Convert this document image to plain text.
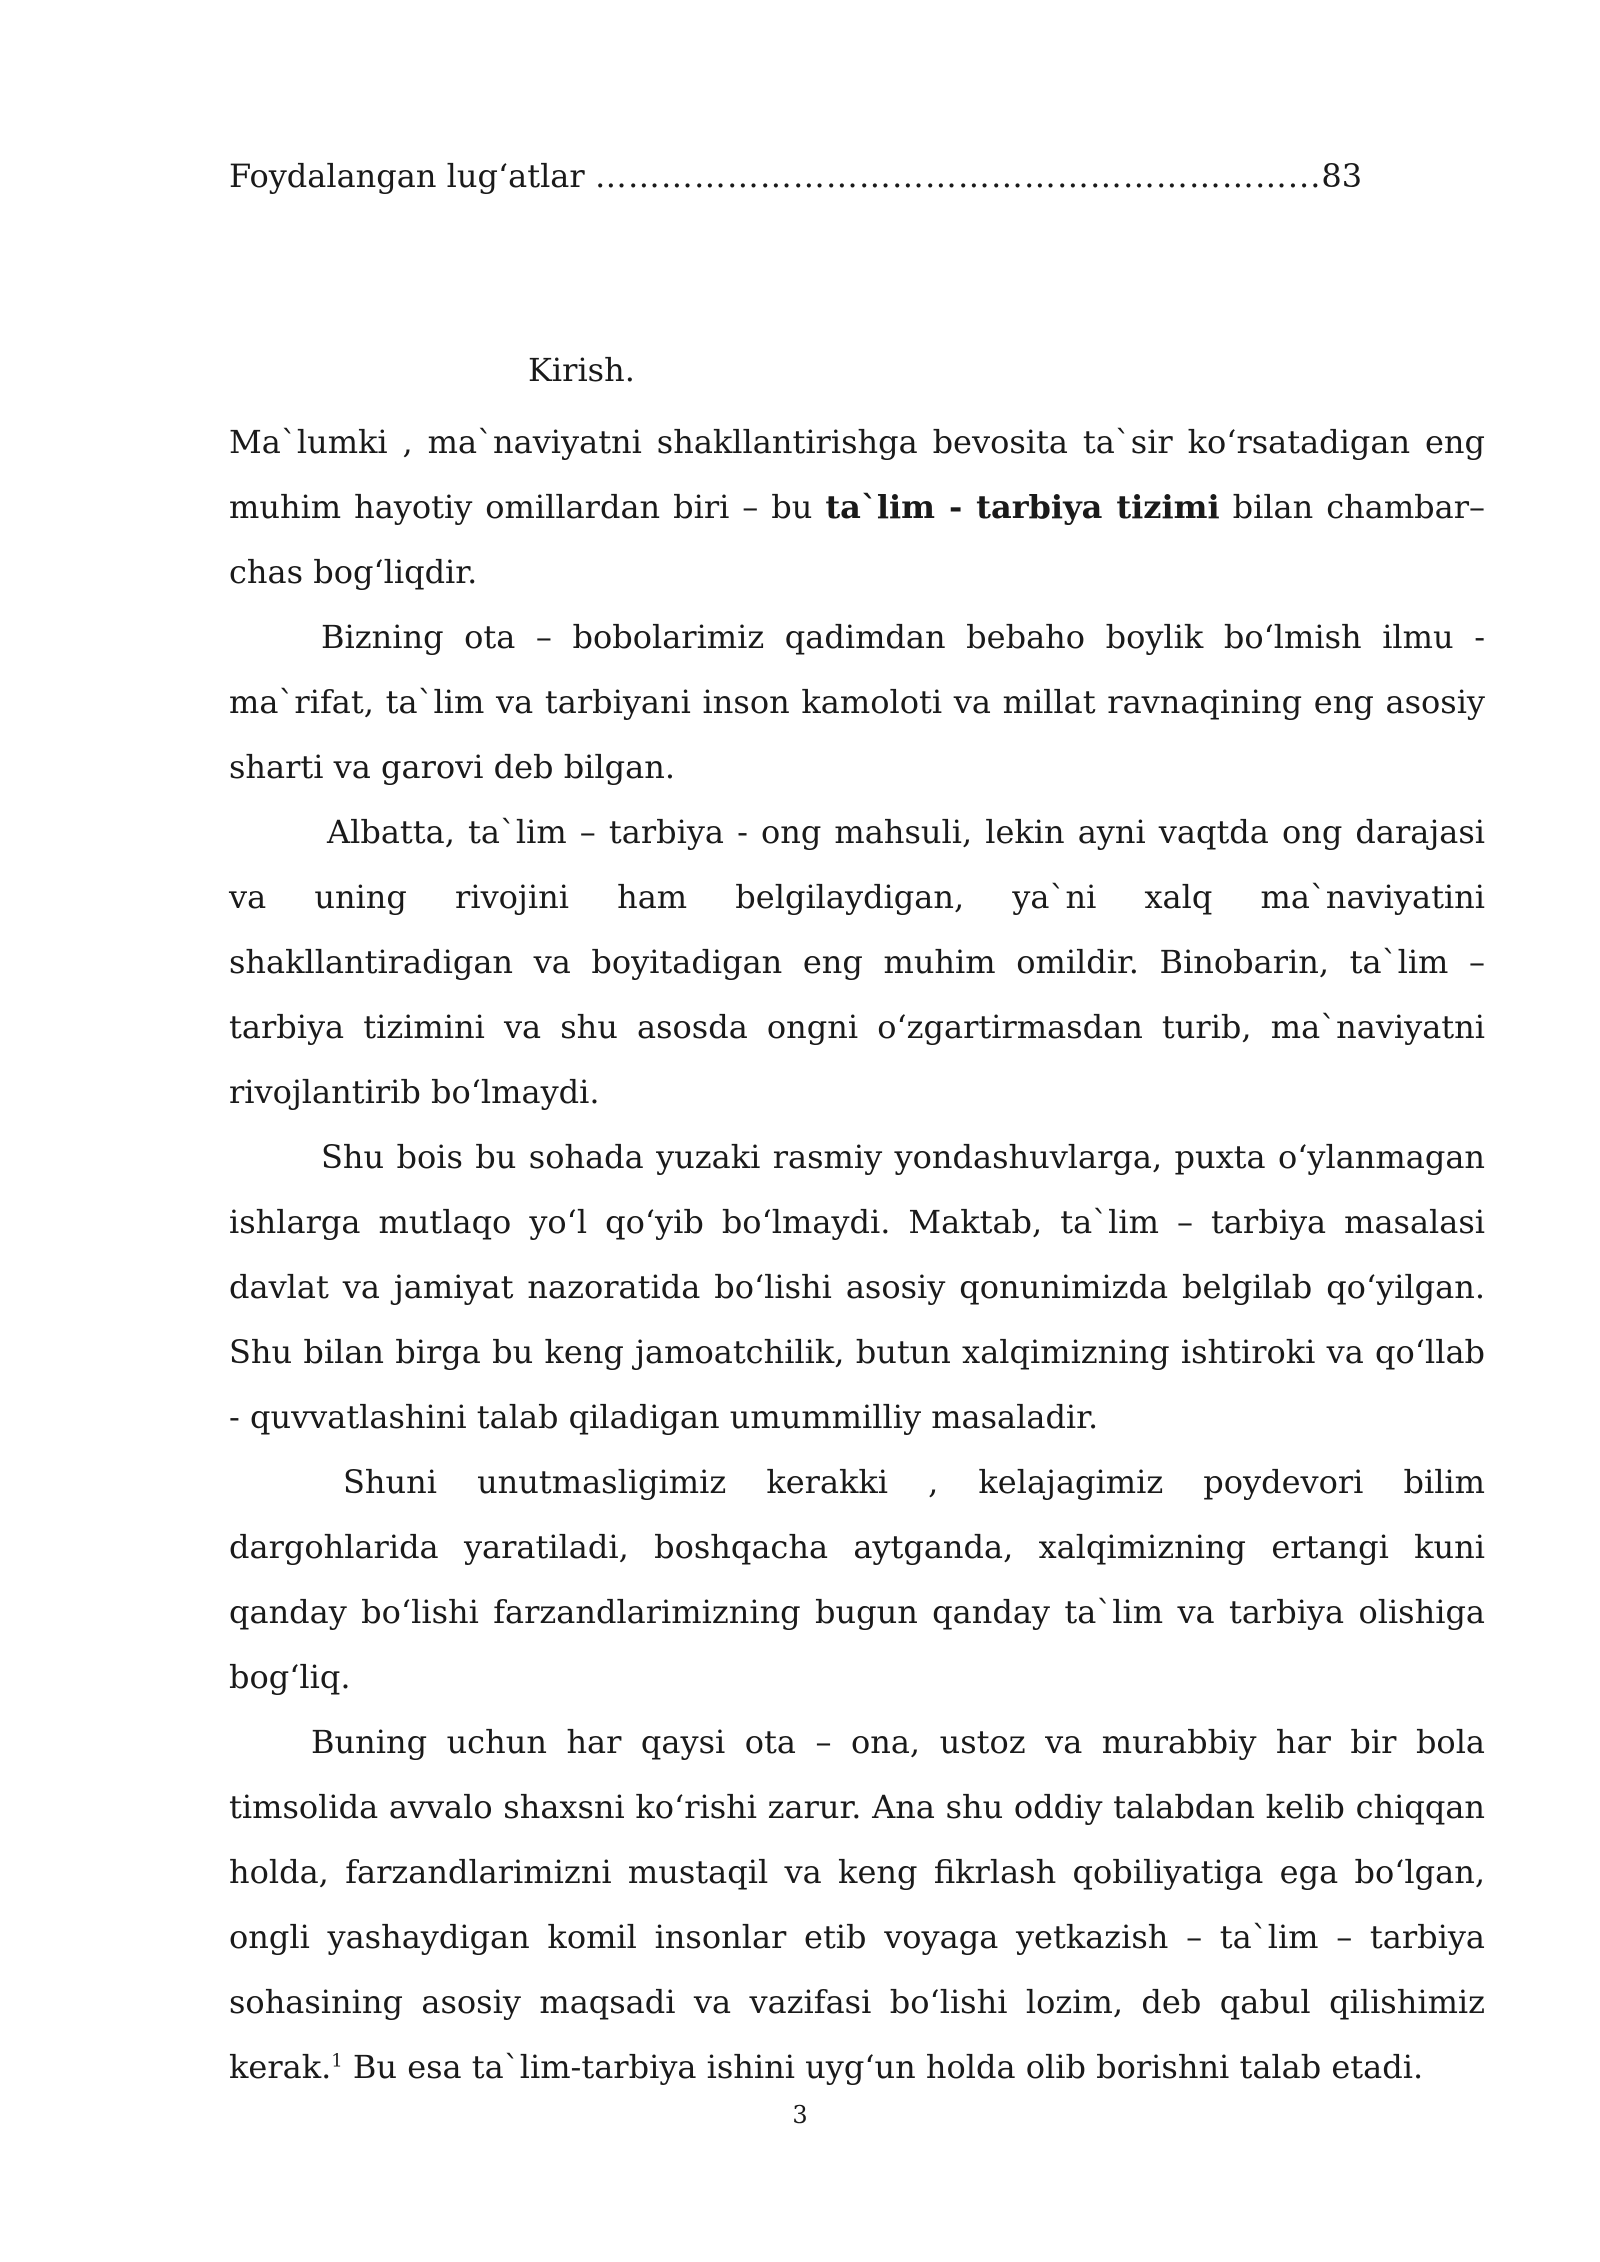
Foydalangan lug‘atlar ………………………………………………………...83
Kirish.

Ma`lumki , ma`naviyatni shakllantirishga bevosita ta`sir ko‘rsatadigan eng muhim hayotiy omillardan biri – bu ta`lim - tarbiya tizimi bilan chambar–chas bog‘liqdir.

Bizning ota – bobolarimiz qadimdan bebaho boylik bo‘lmish ilmu - ma`rifat, ta`lim va tarbiyani inson kamoloti va millat ravnaqining eng asosiy sharti va garovi deb bilgan.

Albatta, ta`lim – tarbiya - ong mahsuli, lekin ayni vaqtda ong darajasi va uning rivojini ham belgilaydigan, ya`ni xalq ma`naviyatini shakllantiradigan va boyitadigan eng muhim omildir. Binobarin, ta`lim – tarbiya tizimini va shu asosda ongni o‘zgartirmasdan turib, ma`naviyatni rivojlantirib bo‘lmaydi.

Shu bois bu sohada yuzaki rasmiy yondashuvlarga, puxta o‘ylanmagan ishlarga mutlaqo yo‘l qo‘yib bo‘lmaydi. Maktab, ta`lim – tarbiya masalasi davlat va jamiyat nazoratida bo‘lishi asosiy qonunimizda belgilab qo‘yilgan. Shu bilan birga bu keng jamoatchilik, butun xalqimizning ishtiroki va qo‘llab - quvvatlashini talab qiladigan umummilliy masaladir.

Shuni unutmasligimiz kerakki , kelajagimiz poydevori bilim dargohlarida yaratiladi, boshqacha aytganda, xalqimizning ertangi kuni qanday bo‘lishi farzandlarimizning bugun qanday ta`lim va tarbiya olishiga bog‘liq.

Buning uchun har qaysi ota – ona, ustoz va murabbiy har bir bola timsolida avvalo shaxsni ko‘rishi zarur. Ana shu oddiy talabdan kelib chiqqan holda, farzandlarimizni mustaqil va keng fikrlash qobiliyatiga ega bo‘lgan, ongli yashaydigan komil insonlar etib voyaga yetkazish – ta`lim – tarbiya sohasining asosiy maqsadi va vazifasi bo‘lishi lozim, deb qabul qilishimiz kerak.$^1$ Bu esa ta`lim-tarbiya ishini uyg‘un holda olib borishni talab etadi.

3
